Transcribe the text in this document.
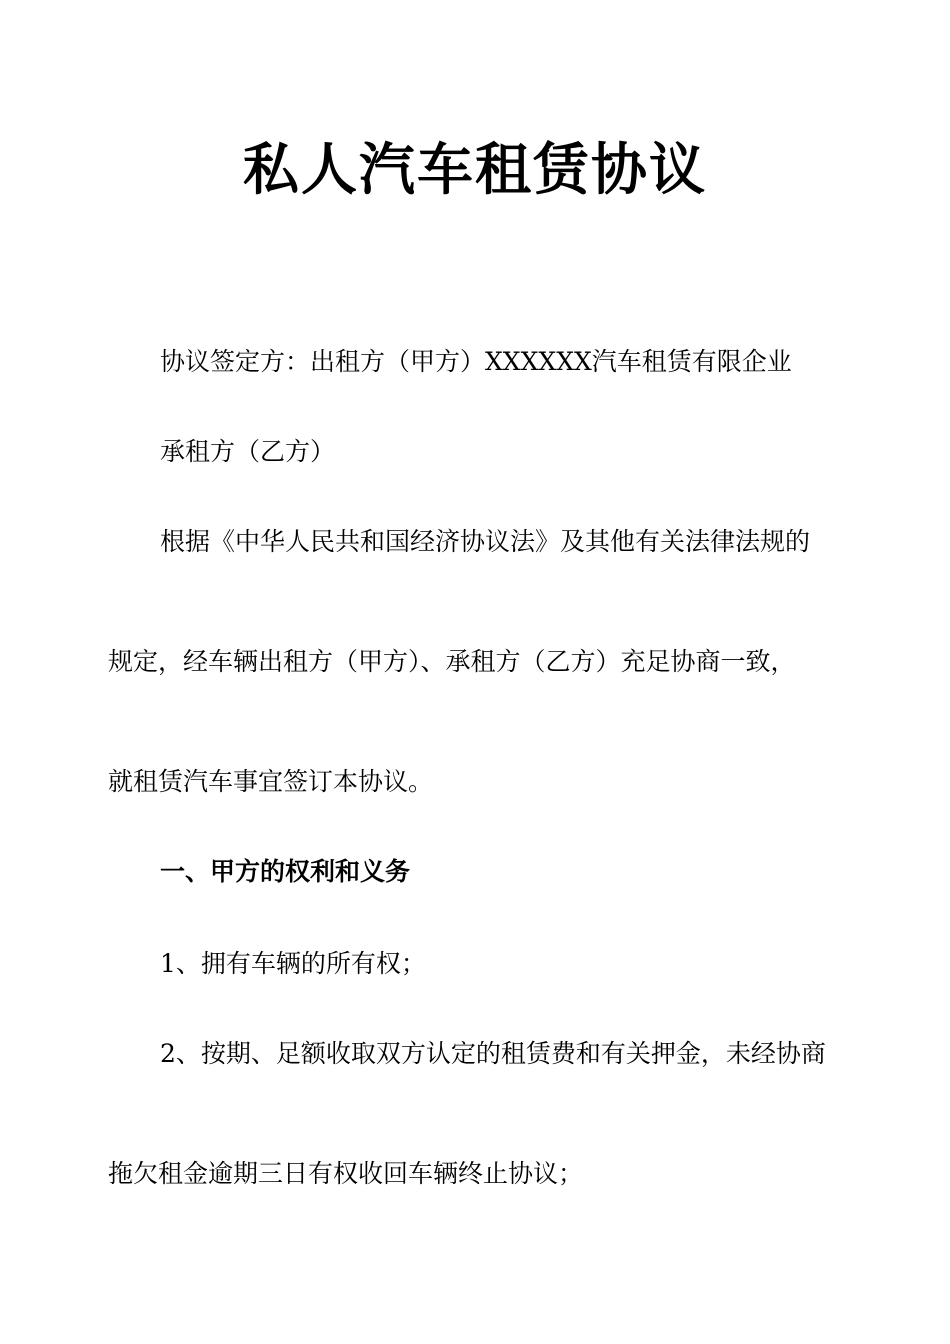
私人汽车租赁协议
协议签定方：出租方（甲方）XXXXXX汽车租赁有限企业
承租方（乙方）
根据《中华人民共和国经济协议法》及其他有关法律法规的
规定，经车辆出租方（甲方）、承租方（乙方）充足协商一致，
就租赁汽车事宜签订本协议。
一、甲方的权利和义务
1、拥有车辆的所有权；
2、按期、足额收取双方认定的租赁费和有关押金，未经协商
拖欠租金逾期三日有权收回车辆终止协议；
